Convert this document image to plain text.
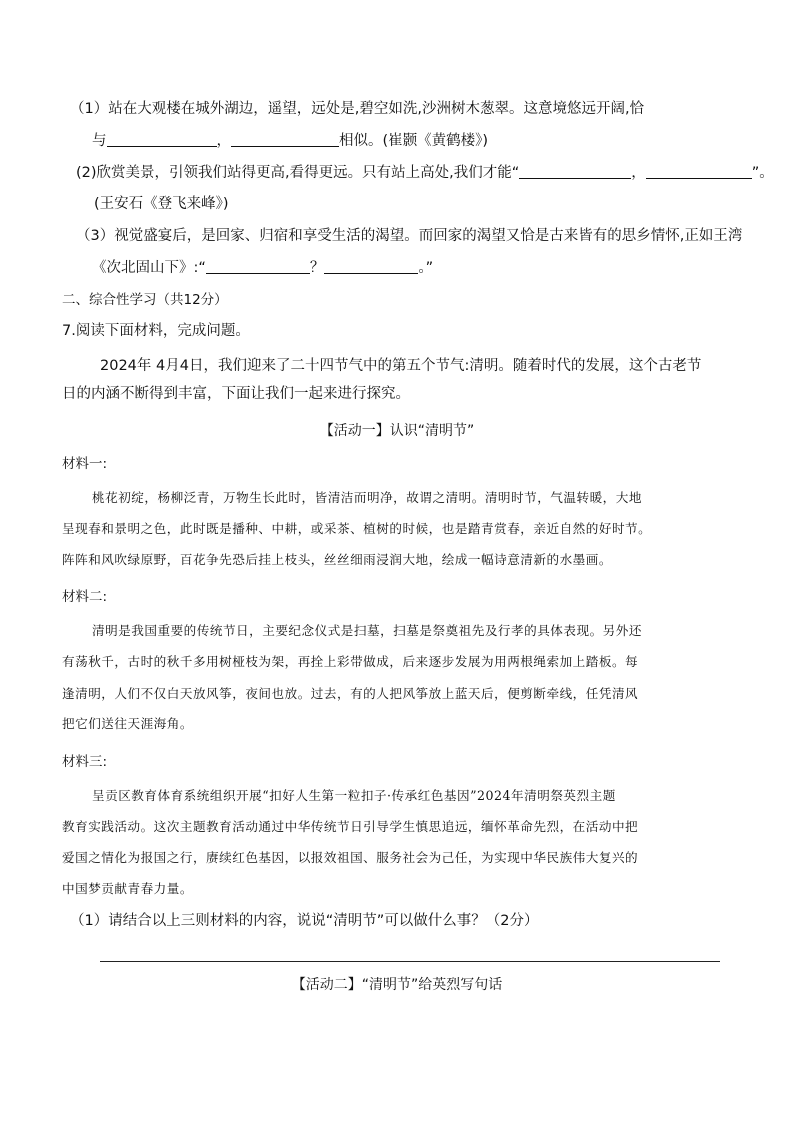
（1）站在大观楼在城外湖边，遥望，远处是,碧空如洗,沙洲树木葱翠。这意境悠远开阔,恰
与	，	相似。(崔颢《黄鹤楼》)
(2)欣赏美景，引领我们站得更高,看得更远。只有站上高处,我们才能“	，	”。
(王安石《登飞来峰》)
（3）视觉盛宴后，是回家、归宿和享受生活的渴望。而回家的渴望又恰是古来皆有的思乡情怀,正如王湾
《次北固山下》:“	？	。”
二、综合性学习（共12分）
7.阅读下面材料，完成问题。
2024年 4月4日，我们迎来了二十四节气中的第五个节气:清明。随着时代的发展，这个古老节
日的内涵不断得到丰富，下面让我们一起来进行探究。
【活动一】认识“清明节”
材料一:
桃花初绽，杨柳泛青，万物生长此时，皆清洁而明净，故谓之清明。清明时节，气温转暖，大地
呈现春和景明之色，此时既是播种、中耕，或采茶、植树的时候，也是踏青赏春，亲近自然的好时节。
阵阵和风吹绿原野，百花争先恐后挂上枝头，丝丝细雨浸润大地，绘成一幅诗意清新的水墨画。
材料二:
清明是我国重要的传统节日，主要纪念仪式是扫墓，扫墓是祭奠祖先及行孝的具体表现。另外还
有荡秋千，古时的秋千多用树桠枝为架，再拴上彩带做成，后来逐步发展为用两根绳索加上踏板。每
逢清明，人们不仅白天放风筝，夜间也放。过去，有的人把风筝放上蓝天后，便剪断牵线，任凭清风
把它们送往天涯海角。
材料三:
呈贡区教育体育系统组织开展“扣好人生第一粒扣子·传承红色基因”2024年清明祭英烈主题
教育实践活动。这次主题教育活动通过中华传统节日引导学生慎思追远，缅怀革命先烈，在活动中把
爱国之情化为报国之行，赓续红色基因，以报效祖国、服务社会为己任，为实现中华民族伟大复兴的
中国梦贡献青春力量。
（1）请结合以上三则材料的内容，说说“清明节”可以做什么事？（2分）
【活动二】“清明节”给英烈写句话
